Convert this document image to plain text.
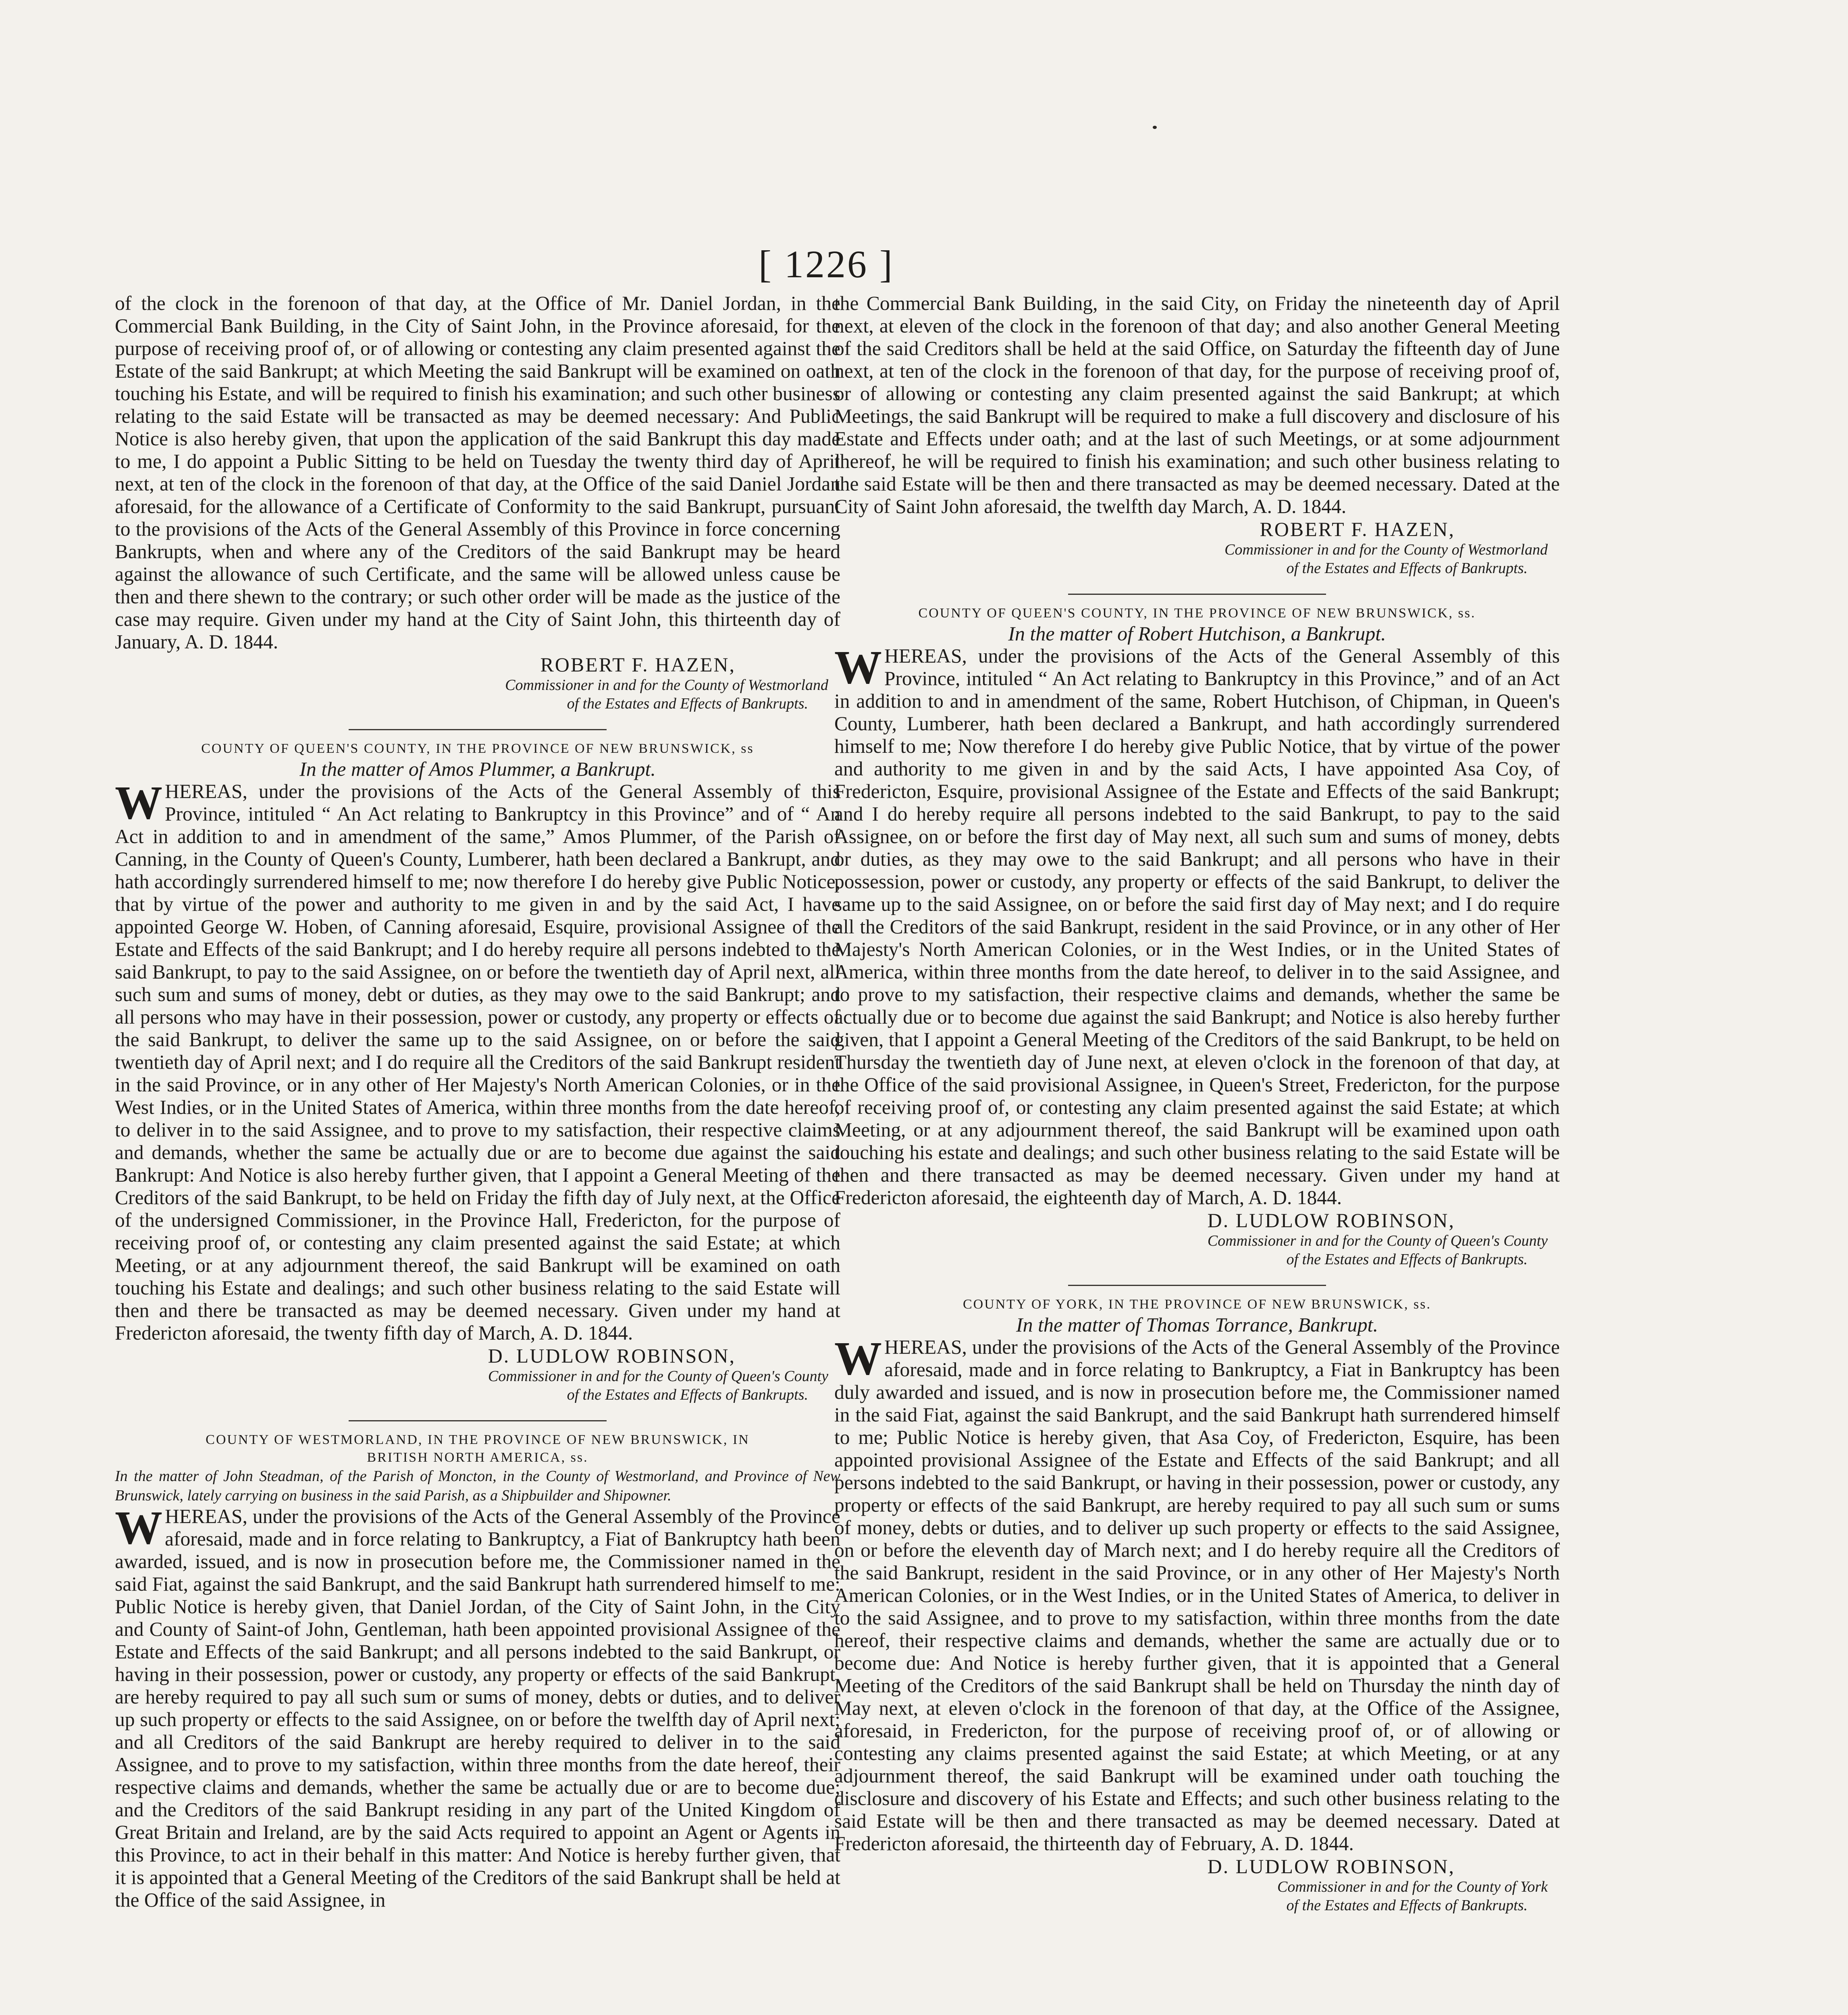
[ 1226 ]

of the clock in the forenoon of that day, at the Office of Mr. Daniel Jordan, in the Commercial Bank Building, in the City of Saint John, in the Province aforesaid, for the purpose of receiving proof of, or of allowing or contesting any claim presented against the Estate of the said Bankrupt; at which Meeting the said Bankrupt will be examined on oath touching his Estate, and will be required to finish his examination; and such other business relating to the said Estate will be transacted as may be deemed necessary: And Public Notice is also hereby given, that upon the application of the said Bankrupt this day made to me, I do appoint a Public Sitting to be held on Tuesday the twenty third day of April next, at ten of the clock in the forenoon of that day, at the Office of the said Daniel Jordan aforesaid, for the allowance of a Certificate of Conformity to the said Bankrupt, pursuant to the provisions of the Acts of the General Assembly of this Province in force concerning Bankrupts, when and where any of the Creditors of the said Bankrupt may be heard against the allowance of such Certificate, and the same will be allowed unless cause be then and there shewn to the contrary; or such other order will be made as the justice of the case may require. Given under my hand at the City of Saint John, this thirteenth day of January, A. D. 1844.

ROBERT F. HAZEN,

Commissioner in and for the County of Westmorland

of the Estates and Effects of Bankrupts.

COUNTY OF QUEEN'S COUNTY, IN THE PROVINCE OF NEW BRUNSWICK, ss

In the matter of Amos Plummer, a Bankrupt.

WHEREAS, under the provisions of the Acts of the General Assembly of this Province, intituled “ An Act relating to Bankruptcy in this Province” and of “ An Act in addition to and in amendment of the same,” Amos Plummer, of the Parish of Canning, in the County of Queen's County, Lumberer, hath been declared a Bankrupt, and hath accordingly surrendered himself to me; now therefore I do hereby give Public Notice, that by virtue of the power and authority to me given in and by the said Act, I have appointed George W. Hoben, of Canning aforesaid, Esquire, provisional Assignee of the Estate and Effects of the said Bankrupt; and I do hereby require all persons indebted to the said Bankrupt, to pay to the said Assignee, on or before the twentieth day of April next, all such sum and sums of money, debt or duties, as they may owe to the said Bankrupt; and all persons who may have in their possession, power or custody, any property or effects of the said Bankrupt, to deliver the same up to the said Assignee, on or before the said twentieth day of April next; and I do require all the Creditors of the said Bankrupt resident in the said Province, or in any other of Her Majesty's North American Colonies, or in the West Indies, or in the United States of America, within three months from the date hereof, to deliver in to the said Assignee, and to prove to my satisfaction, their respective claims and demands, whether the same be actually due or are to become due against the said Bankrupt: And Notice is also hereby further given, that I appoint a General Meeting of the Creditors of the said Bankrupt, to be held on Friday the fifth day of July next, at the Office of the undersigned Commissioner, in the Province Hall, Fredericton, for the purpose of receiving proof of, or contesting any claim presented against the said Estate; at which Meeting, or at any adjournment thereof, the said Bankrupt will be examined on oath touching his Estate and dealings; and such other business relating to the said Estate will then and there be transacted as may be deemed necessary. Given under my hand at Fredericton aforesaid, the twenty fifth day of March, A. D. 1844.

D. LUDLOW ROBINSON,

Commissioner in and for the County of Queen's County

of the Estates and Effects of Bankrupts.

COUNTY OF WESTMORLAND, IN THE PROVINCE OF NEW BRUNSWICK, IN

BRITISH NORTH AMERICA, ss.

In the matter of John Steadman, of the Parish of Moncton, in the County of Westmorland, and Province of New Brunswick, lately carrying on business in the said Parish, as a Shipbuilder and Shipowner.

WHEREAS, under the provisions of the Acts of the General Assembly of the Province aforesaid, made and in force relating to Bankruptcy, a Fiat of Bankruptcy hath been awarded, issued, and is now in prosecution before me, the Commissioner named in the said Fiat, against the said Bankrupt, and the said Bankrupt hath surrendered himself to me: Public Notice is hereby given, that Daniel Jordan, of the City of Saint John, in the City and County of Saint-of John, Gentleman, hath been appointed provisional Assignee of the Estate and Effects of the said Bankrupt; and all persons indebted to the said Bankrupt, or having in their possession, power or custody, any property or effects of the said Bankrupt, are hereby required to pay all such sum or sums of money, debts or duties, and to deliver up such property or effects to the said Assignee, on or before the twelfth day of April next; and all Creditors of the said Bankrupt are hereby required to deliver in to the said Assignee, and to prove to my satisfaction, within three months from the date hereof, their respective claims and demands, whether the same be actually due or are to become due; and the Creditors of the said Bankrupt residing in any part of the United Kingdom of Great Britain and Ireland, are by the said Acts required to appoint an Agent or Agents in this Province, to act in their behalf in this matter: And Notice is hereby further given, that it is appointed that a General Meeting of the Creditors of the said Bankrupt shall be held at the Office of the said Assignee, in

the Commercial Bank Building, in the said City, on Friday the nineteenth day of April next, at eleven of the clock in the forenoon of that day; and also another General Meeting of the said Creditors shall be held at the said Office, on Saturday the fifteenth day of June next, at ten of the clock in the forenoon of that day, for the purpose of receiving proof of, or of allowing or contesting any claim presented against the said Bankrupt; at which Meetings, the said Bankrupt will be required to make a full discovery and disclosure of his Estate and Effects under oath; and at the last of such Meetings, or at some adjournment thereof, he will be required to finish his examination; and such other business relating to the said Estate will be then and there transacted as may be deemed necessary. Dated at the City of Saint John aforesaid, the twelfth day March, A. D. 1844.

ROBERT F. HAZEN,

Commissioner in and for the County of Westmorland

of the Estates and Effects of Bankrupts.

COUNTY OF QUEEN'S COUNTY, IN THE PROVINCE OF NEW BRUNSWICK, ss.

In the matter of Robert Hutchison, a Bankrupt.

WHEREAS, under the provisions of the Acts of the General Assembly of this Province, intituled “ An Act relating to Bankruptcy in this Province,” and of an Act in addition to and in amendment of the same, Robert Hutchison, of Chipman, in Queen's County, Lumberer, hath been declared a Bankrupt, and hath accordingly surrendered himself to me; Now therefore I do hereby give Public Notice, that by virtue of the power and authority to me given in and by the said Acts, I have appointed Asa Coy, of Fredericton, Esquire, provisional Assignee of the Estate and Effects of the said Bankrupt; and I do hereby require all persons indebted to the said Bankrupt, to pay to the said Assignee, on or before the first day of May next, all such sum and sums of money, debts or duties, as they may owe to the said Bankrupt; and all persons who have in their possession, power or custody, any property or effects of the said Bankrupt, to deliver the same up to the said Assignee, on or before the said first day of May next; and I do require all the Creditors of the said Bankrupt, resident in the said Province, or in any other of Her Majesty's North American Colonies, or in the West Indies, or in the United States of America, within three months from the date hereof, to deliver in to the said Assignee, and to prove to my satisfaction, their respective claims and demands, whether the same be actually due or to become due against the said Bankrupt; and Notice is also hereby further given, that I appoint a General Meeting of the Creditors of the said Bankrupt, to be held on Thursday the twentieth day of June next, at eleven o'clock in the forenoon of that day, at the Office of the said provisional Assignee, in Queen's Street, Fredericton, for the purpose of receiving proof of, or contesting any claim presented against the said Estate; at which Meeting, or at any adjournment thereof, the said Bankrupt will be examined upon oath touching his estate and dealings; and such other business relating to the said Estate will be then and there transacted as may be deemed necessary. Given under my hand at Fredericton aforesaid, the eighteenth day of March, A. D. 1844.

D. LUDLOW ROBINSON,

Commissioner in and for the County of Queen's County

of the Estates and Effects of Bankrupts.

COUNTY OF YORK, IN THE PROVINCE OF NEW BRUNSWICK, ss.

In the matter of Thomas Torrance, Bankrupt.

WHEREAS, under the provisions of the Acts of the General Assembly of the Province aforesaid, made and in force relating to Bankruptcy, a Fiat in Bankruptcy has been duly awarded and issued, and is now in prosecution before me, the Commissioner named in the said Fiat, against the said Bankrupt, and the said Bankrupt hath surrendered himself to me; Public Notice is hereby given, that Asa Coy, of Fredericton, Esquire, has been appointed provisional Assignee of the Estate and Effects of the said Bankrupt; and all persons indebted to the said Bankrupt, or having in their possession, power or custody, any property or effects of the said Bankrupt, are hereby required to pay all such sum or sums of money, debts or duties, and to deliver up such property or effects to the said Assignee, on or before the eleventh day of March next; and I do hereby require all the Creditors of the said Bankrupt, resident in the said Province, or in any other of Her Majesty's North American Colonies, or in the West Indies, or in the United States of America, to deliver in to the said Assignee, and to prove to my satisfaction, within three months from the date hereof, their respective claims and demands, whether the same are actually due or to become due: And Notice is hereby further given, that it is appointed that a General Meeting of the Creditors of the said Bankrupt shall be held on Thursday the ninth day of May next, at eleven o'clock in the forenoon of that day, at the Office of the Assignee, aforesaid, in Fredericton, for the purpose of receiving proof of, or of allowing or contesting any claims presented against the said Estate; at which Meeting, or at any adjournment thereof, the said Bankrupt will be examined under oath touching the disclosure and discovery of his Estate and Effects; and such other business relating to the said Estate will be then and there transacted as may be deemed necessary. Dated at Fredericton aforesaid, the thirteenth day of February, A. D. 1844.

D. LUDLOW ROBINSON,

Commissioner in and for the County of York

of the Estates and Effects of Bankrupts.
